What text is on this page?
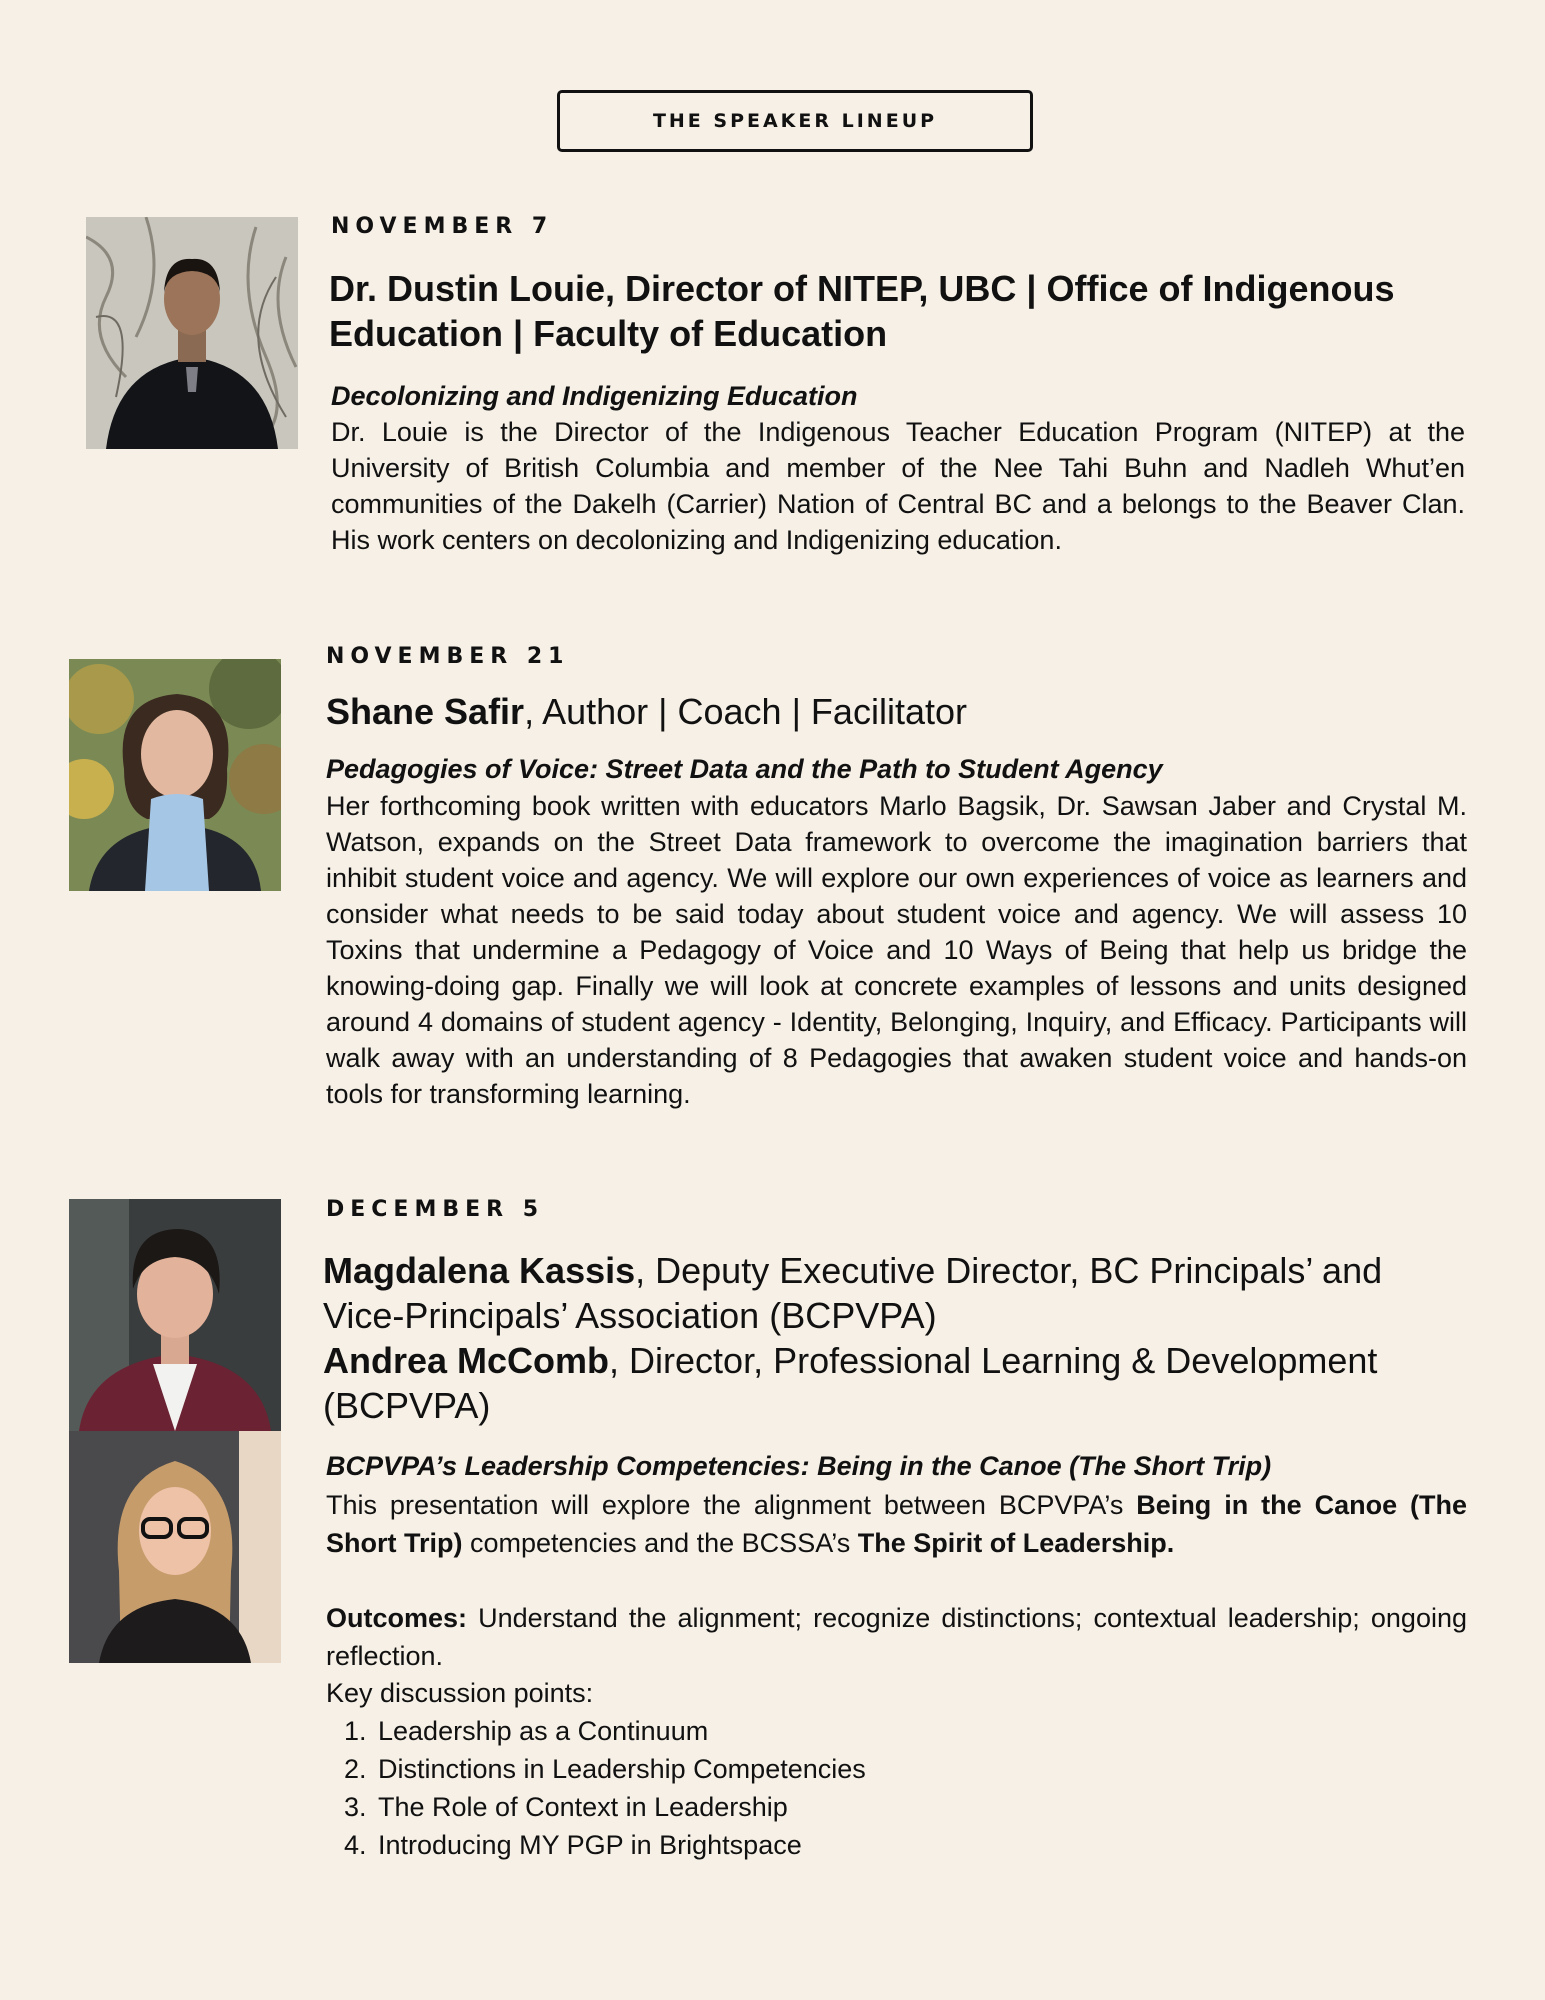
THE SPEAKER LINEUP
NOVEMBER 7
Dr. Dustin Louie, Director of NITEP, UBC | Office of Indigenous Education | Faculty of Education
Decolonizing and Indigenizing Education
Dr. Louie is the Director of the Indigenous Teacher Education Program (NITEP) at the University of British Columbia and member of the Nee Tahi Buhn and Nadleh Whut’en communities of the Dakelh (Carrier) Nation of Central BC and a belongs to the Beaver Clan. His work centers on decolonizing and Indigenizing education.
NOVEMBER 21
Shane Safir, Author | Coach | Facilitator
Pedagogies of Voice: Street Data and the Path to Student Agency
Her forthcoming book written with educators Marlo Bagsik, Dr. Sawsan Jaber and Crystal M. Watson, expands on the Street Data framework to overcome the imagination barriers that inhibit student voice and agency. We will explore our own experiences of voice as learners and consider what needs to be said today about student voice and agency. We will assess 10 Toxins that undermine a Pedagogy of Voice and 10 Ways of Being that help us bridge the knowing-doing gap. Finally we will look at concrete examples of lessons and units designed around 4 domains of student agency - Identity, Belonging, Inquiry, and Efficacy. Participants will walk away with an understanding of 8 Pedagogies that awaken student voice and hands-on tools for transforming learning.
DECEMBER 5
Magdalena Kassis, Deputy Executive Director, BC Principals’ and Vice-Principals’ Association (BCPVPA)
Andrea McComb, Director, Professional Learning & Development (BCPVPA)
BCPVPA’s Leadership Competencies: Being in the Canoe (The Short Trip)
This presentation will explore the alignment between BCPVPA’s Being in the Canoe (The Short Trip) competencies and the BCSSA’s The Spirit of Leadership.
Outcomes: Understand the alignment; recognize distinctions; contextual leadership; ongoing reflection.
Key discussion points:
1. Leadership as a Continuum
2. Distinctions in Leadership Competencies
3. The Role of Context in Leadership
4. Introducing MY PGP in Brightspace
